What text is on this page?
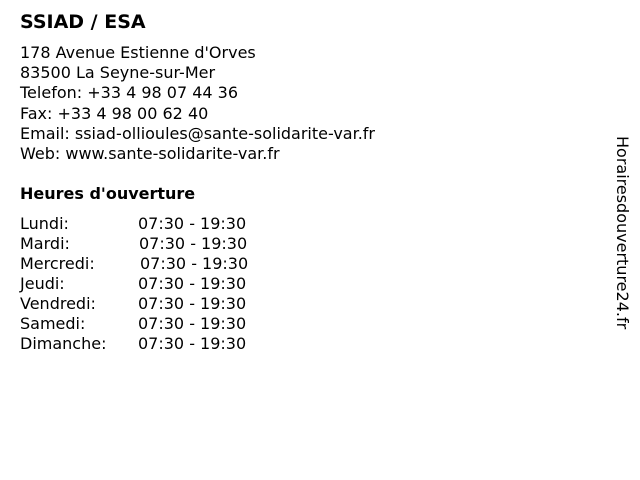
SSIAD / ESA
178 Avenue Estienne d'Orves
83500 La Seyne-sur-Mer
Telefon: +33 4 98 07 44 36
Fax: +33 4 98 00 62 40
Email: ssiad-ollioules@sante-solidarite-var.fr
Web: www.sante-solidarite-var.fr
Heures d'ouverture
Lundi:	07:30 - 19:30
Mardi:	07:30 - 19:30
Mercredi:	07:30 - 19:30
Jeudi:	07:30 - 19:30
Vendredi:	07:30 - 19:30
Samedi:	07:30 - 19:30
Dimanche: 07:30 - 19:30
Horairesdouverture24.fr
